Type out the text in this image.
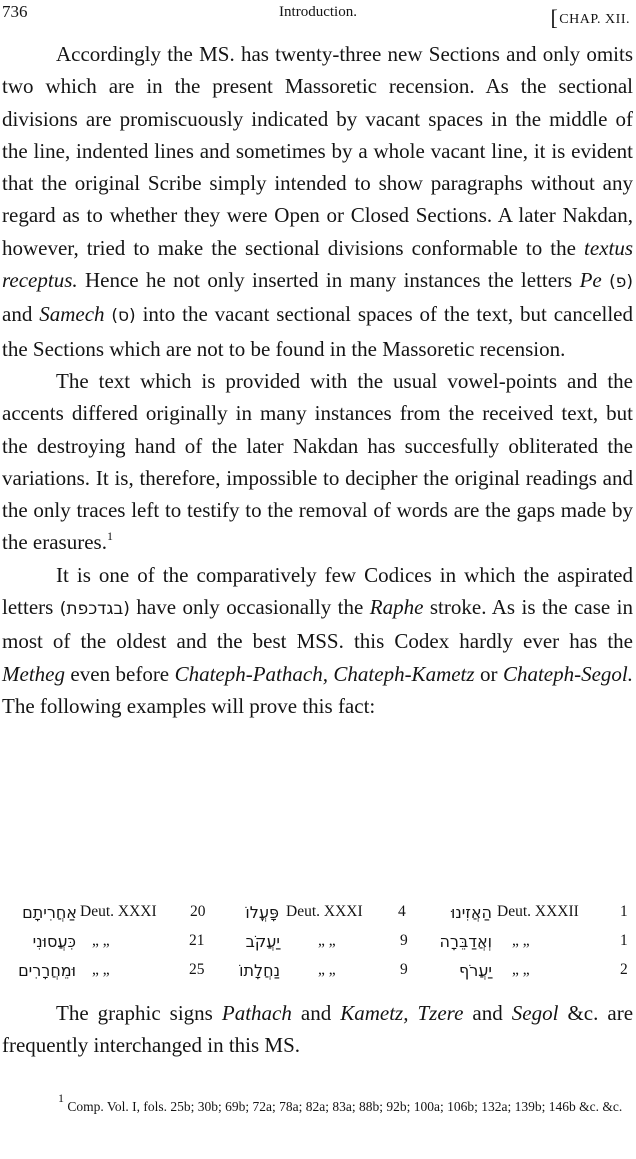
736	Introduction.	[CHAP. XII.

Accordingly the MS. has twenty-three new Sections and only omits two which are in the present Massoretic recension. As the sectional divisions are promiscuously indicated by vacant spaces in the middle of the line, indented lines and sometimes by a whole vacant line, it is evident that the original Scribe simply intended to show paragraphs without any regard as to whether they were Open or Closed Sections. A later Nakdan, however, tried to make the sectional divisions conformable to the textus receptus. Hence he not only inserted in many instances the letters Pe (פ) and Samech (ס) into the vacant sectional spaces of the text, but cancelled the Sections which are not to be found in the Massoretic recension.

The text which is provided with the usual vowel-points and the accents differed originally in many instances from the received text, but the destroying hand of the later Nakdan has succesfully obliterated the variations. It is, therefore, impossible to decipher the original readings and the only traces left to testify to the removal of words are the gaps made by the erasures.$^1$

It is one of the comparatively few Codices in which the aspirated letters (בגדכפת) have only occasionally the Raphe stroke. As is the case in most of the oldest and the best MSS. this Codex hardly ever has the Metheg even before Chateph-Pathach, Chateph-Kametz or Chateph-Segol. The following examples will prove this fact:

אַחֲרִיתָם Deut. XXXI 20 פָּעֳלוֹ Deut. XXXI 4	הַאֲזִינוּ Deut. XXXII	1
כִּעֲסוּנִי „ „	21	יַעֲקֹב „ „	9 וְאֲדַבֵּרָה „ „	1
וּמֵחֲרָרִים „ „	25 נַחֲלָתוֹ „ „	9	יַעֲרֹף „ „	2

The graphic signs Pathach and Kametz, Tzere and Segol &c. are frequently interchanged in this MS.

1 Comp. Vol. I, fols. 25b; 30b; 69b; 72a; 78a; 82a; 83a; 88b; 92b; 100a; 106b; 132a; 139b; 146b &c. &c.
